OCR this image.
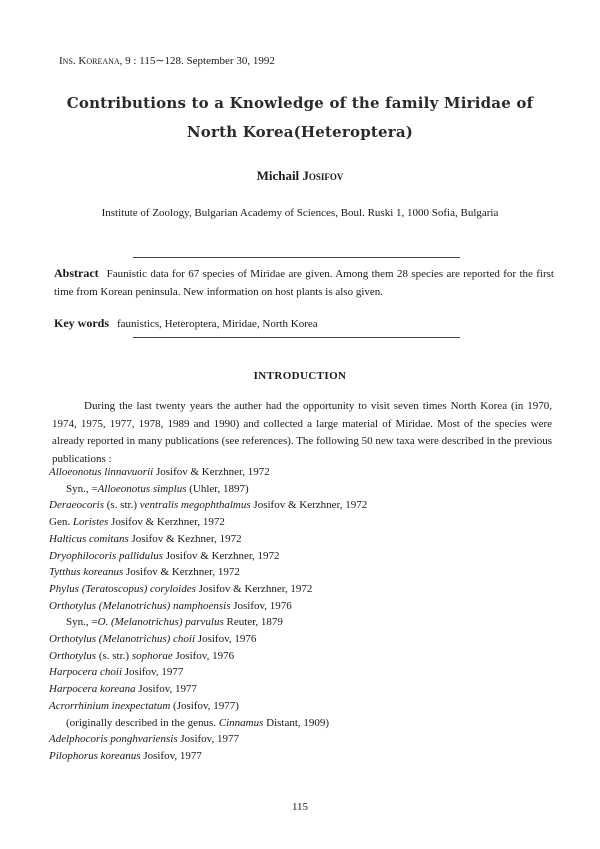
Ins. Koreana, 9 : 115∼128. September 30, 1992

Contributions to a Knowledge of the family Miridae of
North Korea(Heteroptera)

Michail Josifov

Institute of Zoology, Bulgarian Academy of Sciences, Boul. Ruski 1, 1000 Sofia, Bulgaria

Abstract Faunistic data for 67 species of Miridae are given. Among them 28 species are reported for the first time from Korean peninsula. New information on host plants is also given.

Key words faunistics, Heteroptera, Miridae, North Korea

INTRODUCTION

During the last twenty years the auther had the opportunity to visit seven times North Korea (in 1970, 1974, 1975, 1977, 1978, 1989 and 1990) and collected a large material of Miridae. Most of the species were already reported in many publications (see references). The following 50 new taxa were described in the previous publications :

Alloeonotus linnavuorii Josifov & Kerzhner, 1972
Syn., =Alloeonotus simplus (Uhler, 1897)
Deraeocoris (s. str.) ventralis megophthalmus Josifov & Kerzhner, 1972
Gen. Loristes Josifov & Kerzhner, 1972
Halticus comitans Josifov & Kezhner, 1972
Dryophilocoris pallidulus Josifov & Kerzhner, 1972
Tytthus koreanus Josifov & Kerzhner, 1972
Phylus (Teratoscopus) coryloides Josifov & Kerzhner, 1972
Orthotylus (Melanotrichus) namphoensis Josifov, 1976
Syn., =O. (Melanotrichus) parvulus Reuter, 1879
Orthotylus (Melanotrichus) choii Josifov, 1976
Orthotylus (s. str.) sophorae Josifov, 1976
Harpocera choii Josifov, 1977
Harpocera koreana Josifov, 1977
Acrorrhinium inexpectatum (Josifov, 1977)
(originally described in the genus. Cinnamus Distant, 1909)
Adelphocoris ponghvariensis Josifov, 1977
Pilophorus koreanus Josifov, 1977

115
